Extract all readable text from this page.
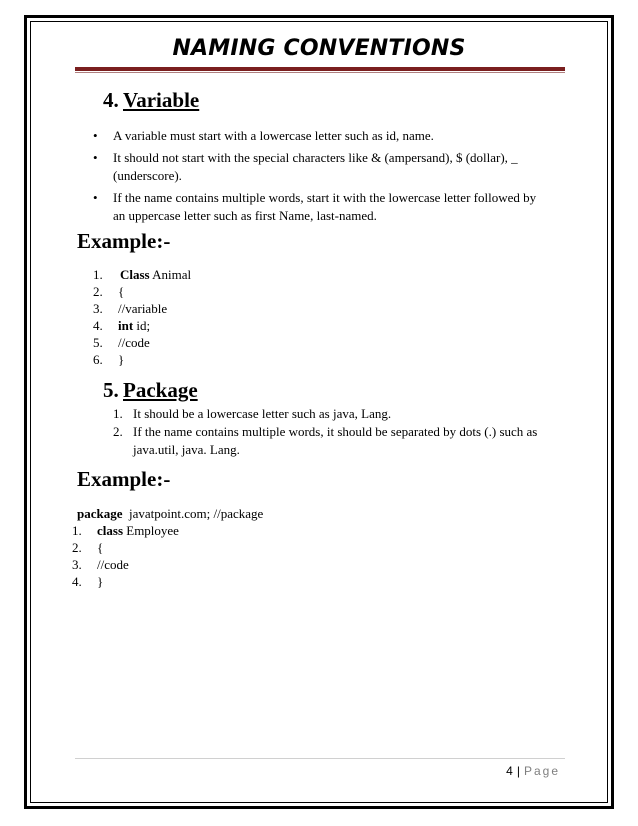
NAMING CONVENTIONS
4. Variable
• A variable must start with a lowercase letter such as id, name.
• It should not start with the special characters like & (ampersand), $ (dollar), _ (underscore).
• If the name contains multiple words, start it with the lowercase letter followed by an uppercase letter such as first Name, last-named.
Example:-
1.	Class Animal
2.	{
3.	//variable
4.	int id;
5.	//code
6.	}
5. Package
1. It should be a lowercase letter such as java, Lang.
2. If the name contains multiple words, it should be separated by dots (.) such as java.util, java. Lang.
Example:-
package  javatpoint.com; //package
1.	class Employee
2.	{
3.	//code
4.	}
4 | Page
